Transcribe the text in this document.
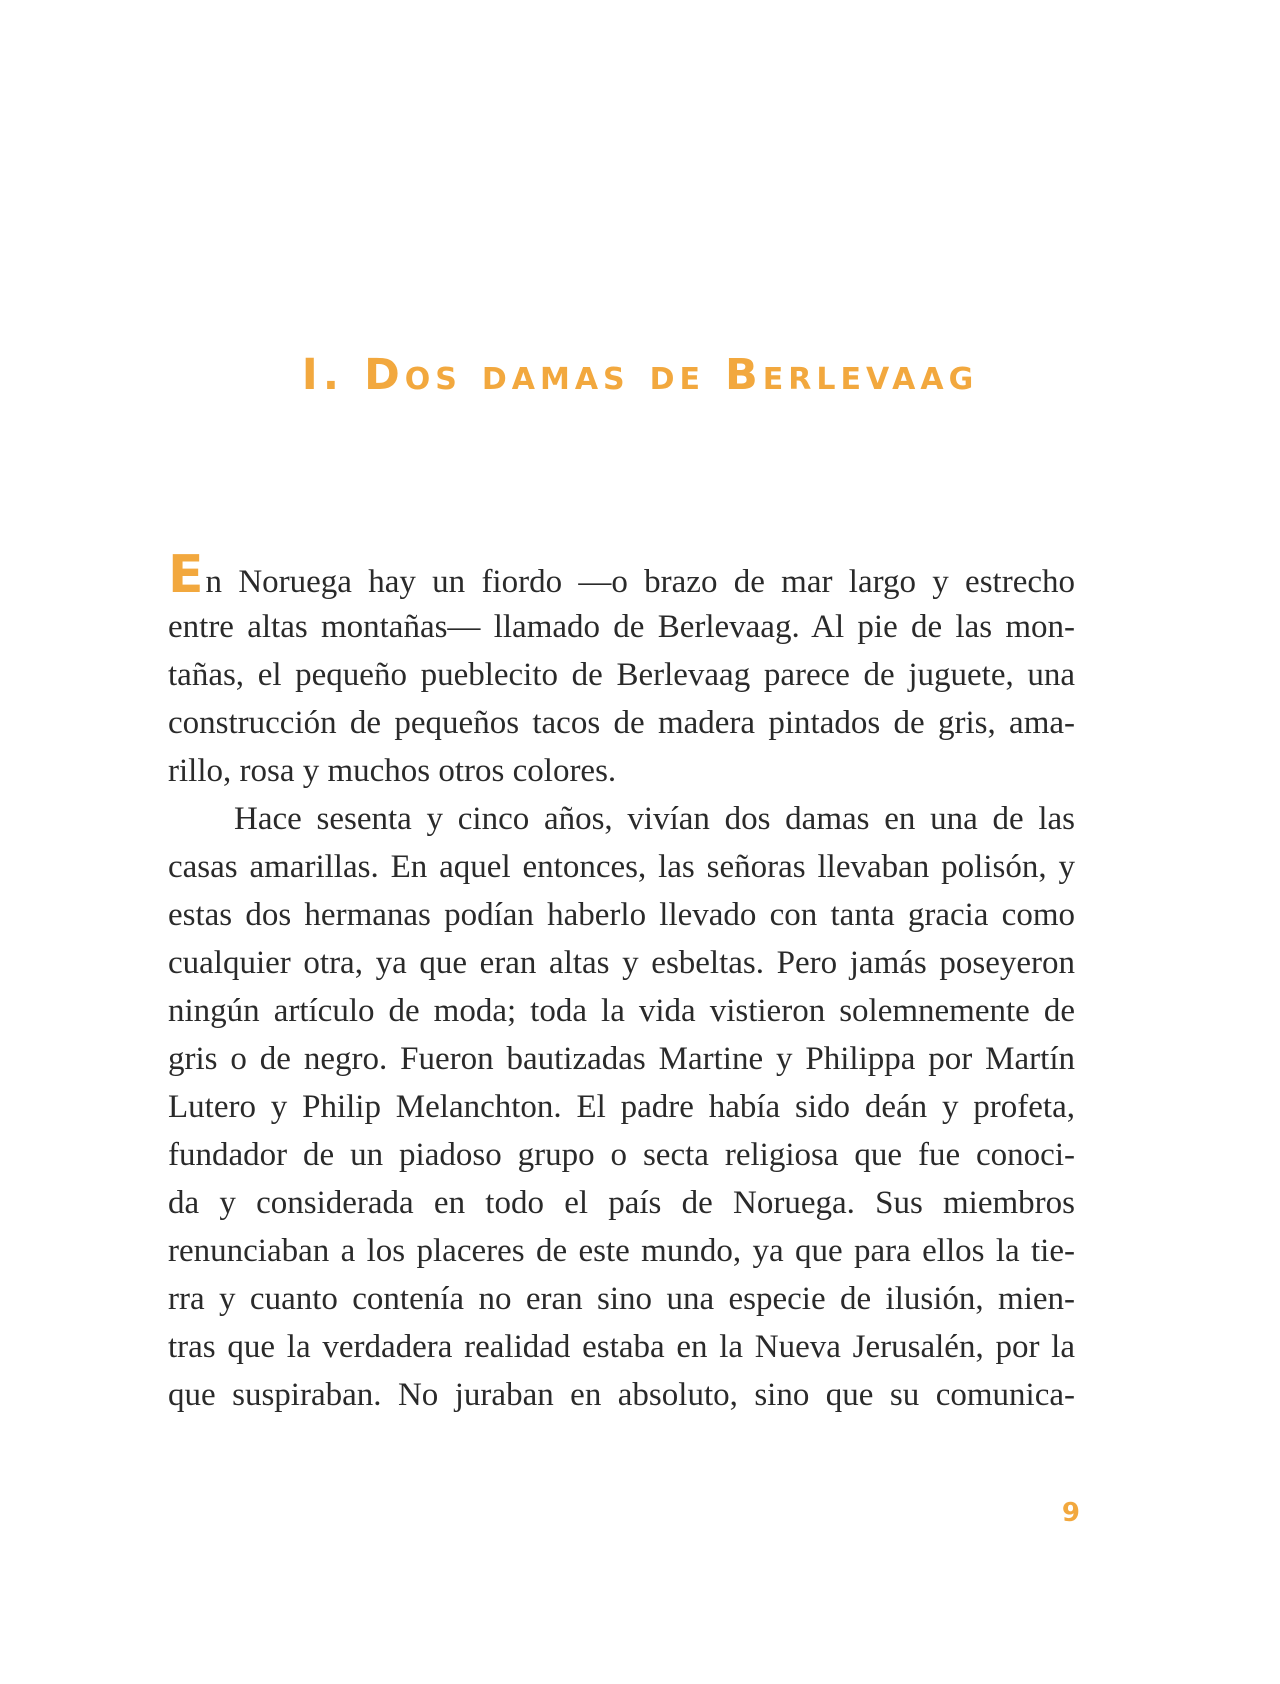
I. Dos damas de Berlevaag
En Noruega hay un fiordo —o brazo de mar largo y estrecho
entre altas montañas— llamado de Berlevaag. Al pie de las mon-
tañas, el pequeño pueblecito de Berlevaag parece de juguete, una
construcción de pequeños tacos de madera pintados de gris, ama-
rillo, rosa y muchos otros colores.
Hace sesenta y cinco años, vivían dos damas en una de las
casas amarillas. En aquel entonces, las señoras llevaban polisón, y
estas dos hermanas podían haberlo llevado con tanta gracia como
cualquier otra, ya que eran altas y esbeltas. Pero jamás poseyeron
ningún artículo de moda; toda la vida vistieron solemnemente de
gris o de negro. Fueron bautizadas Martine y Philippa por Martín
Lutero y Philip Melanchton. El padre había sido deán y profeta,
fundador de un piadoso grupo o secta religiosa que fue conoci-
da y considerada en todo el país de Noruega. Sus miembros
renunciaban a los placeres de este mundo, ya que para ellos la tie-
rra y cuanto contenía no eran sino una especie de ilusión, mien-
tras que la verdadera realidad estaba en la Nueva Jerusalén, por la
que suspiraban. No juraban en absoluto, sino que su comunica-
9
